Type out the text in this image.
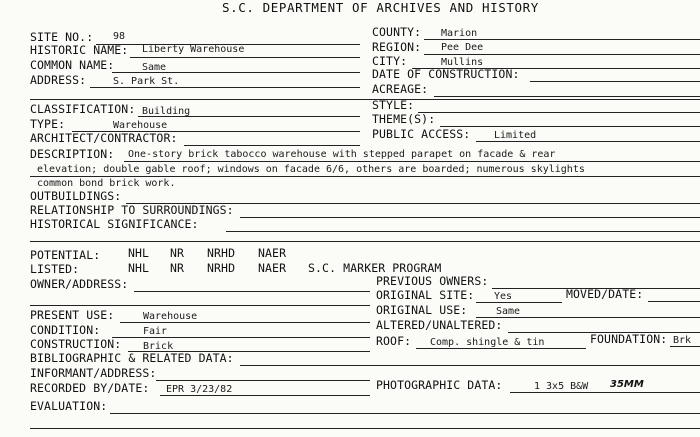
S.C. DEPARTMENT OF ARCHIVES AND HISTORY
SITE NO.: 98
HISTORIC NAME: Liberty Warehouse
COMMON NAME:	Same
ADDRESS:	S. Park St.
COUNTY: Marion
REGION: Pee Dee
CITY:	Mullins
DATE OF CONSTRUCTION:
ACREAGE:
CLASSIFICATION: Building
TYPE:	Warehouse
ARCHITECT/CONTRACTOR:
STYLE:
THEME(S):
PUBLIC ACCESS: Limited
DESCRIPTION: One-story brick tabocco warehouse with stepped parapet on facade & rear
elevation; double gable roof; windows on facade 6/6, others are boarded; numerous skylights
common bond brick work.
OUTBUILDINGS:
RELATIONSHIP TO SURROUNDINGS:
HISTORICAL SIGNIFICANCE:
POTENTIAL: NHL NR NRHD NAER
LISTED:	NHL NR NRHD NAER S.C. MARKER PROGRAM
OWNER/ADDRESS:	PREVIOUS OWNERS:
ORIGINAL SITE: Yes	MOVED/DATE:
PRESENT USE:	Warehouse	ORIGINAL USE:	Same
CONDITION:	Fair	ALTERED/UNALTERED:
CONSTRUCTION: Brick	ROOF: Comp. shingle & tin	FOUNDATION: Brk
BIBLIOGRAPHIC & RELATED DATA:
INFORMANT/ADDRESS:
RECORDED BY/DATE: EPR 3/23/82	PHOTOGRAPHIC DATA:	1 3x5 B&W 35MM
EVALUATION:
